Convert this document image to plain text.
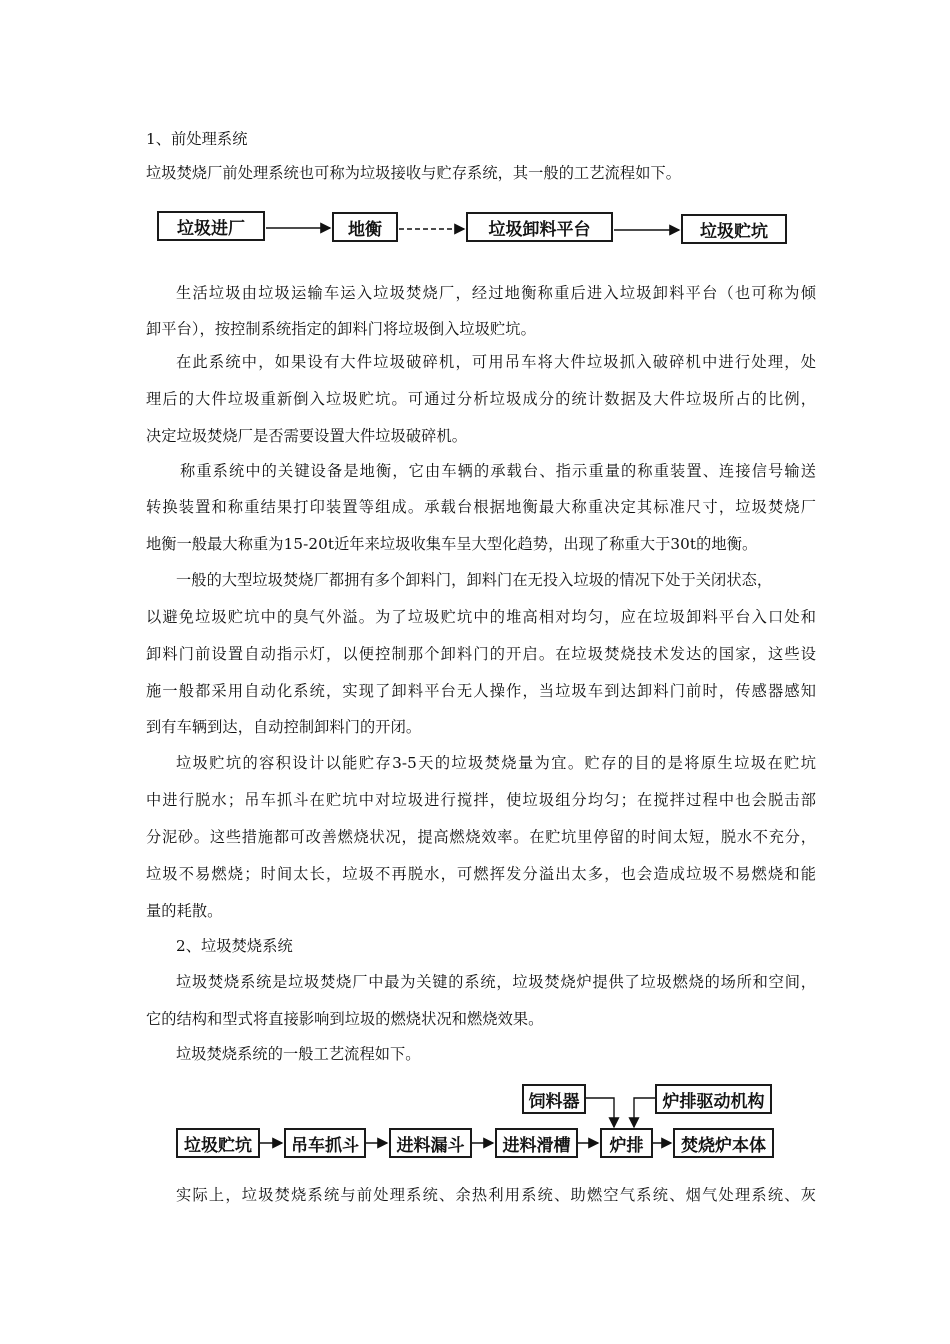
1、前处理系统
垃圾焚烧厂前处理系统也可称为垃圾接收与贮存系统，其一般的工艺流程如下。
垃圾进厂	地衡	垃圾卸料平台	垃圾贮坑
生活垃圾由垃圾运输车运入垃圾焚烧厂，经过地衡称重后进入垃圾卸料平台（也可称为倾
卸平台），按控制系统指定的卸料门将垃圾倒入垃圾贮坑。
在此系统中，如果设有大件垃圾破碎机，可用吊车将大件垃圾抓入破碎机中进行处理，处
理后的大件垃圾重新倒入垃圾贮坑。可通过分析垃圾成分的统计数据及大件垃圾所占的比例，
决定垃圾焚烧厂是否需要设置大件垃圾破碎机。
称重系统中的关键设备是地衡，它由车辆的承载台、指示重量的称重装置、连接信号输送
转换装置和称重结果打印装置等组成。承载台根据地衡最大称重决定其标准尺寸，垃圾焚烧厂
地衡一般最大称重为15-20t近年来垃圾收集车呈大型化趋势，出现了称重大于30t的地衡。
一般的大型垃圾焚烧厂都拥有多个卸料门，卸料门在无投入垃圾的情况下处于关闭状态，
以避免垃圾贮坑中的臭气外溢。为了垃圾贮坑中的堆高相对均匀，应在垃圾卸料平台入口处和
卸料门前设置自动指示灯，以便控制那个卸料门的开启。在垃圾焚烧技术发达的国家，这些设
施一般都采用自动化系统，实现了卸料平台无人操作，当垃圾车到达卸料门前时，传感器感知
到有车辆到达，自动控制卸料门的开闭。
垃圾贮坑的容积设计以能贮存3-5天的垃圾焚烧量为宜。贮存的目的是将原生垃圾在贮坑
中进行脱水；吊车抓斗在贮坑中对垃圾进行搅拌，使垃圾组分均匀；在搅拌过程中也会脱击部
分泥砂。这些措施都可改善燃烧状况，提高燃烧效率。在贮坑里停留的时间太短，脱水不充分，
垃圾不易燃烧；时间太长，垃圾不再脱水，可燃挥发分溢出太多，也会造成垃圾不易燃烧和能
量的耗散。
2、垃圾焚烧系统
垃圾焚烧系统是垃圾焚烧厂中最为关键的系统，垃圾焚烧炉提供了垃圾燃烧的场所和空间，
它的结构和型式将直接影响到垃圾的燃烧状况和燃烧效果。
垃圾焚烧系统的一般工艺流程如下。
饲料器	炉排驱动机构
垃圾贮坑	吊车抓斗	进料漏斗	进料滑槽	炉排	焚烧炉本体
实际上，垃圾焚烧系统与前处理系统、余热利用系统、助燃空气系统、烟气处理系统、灰
